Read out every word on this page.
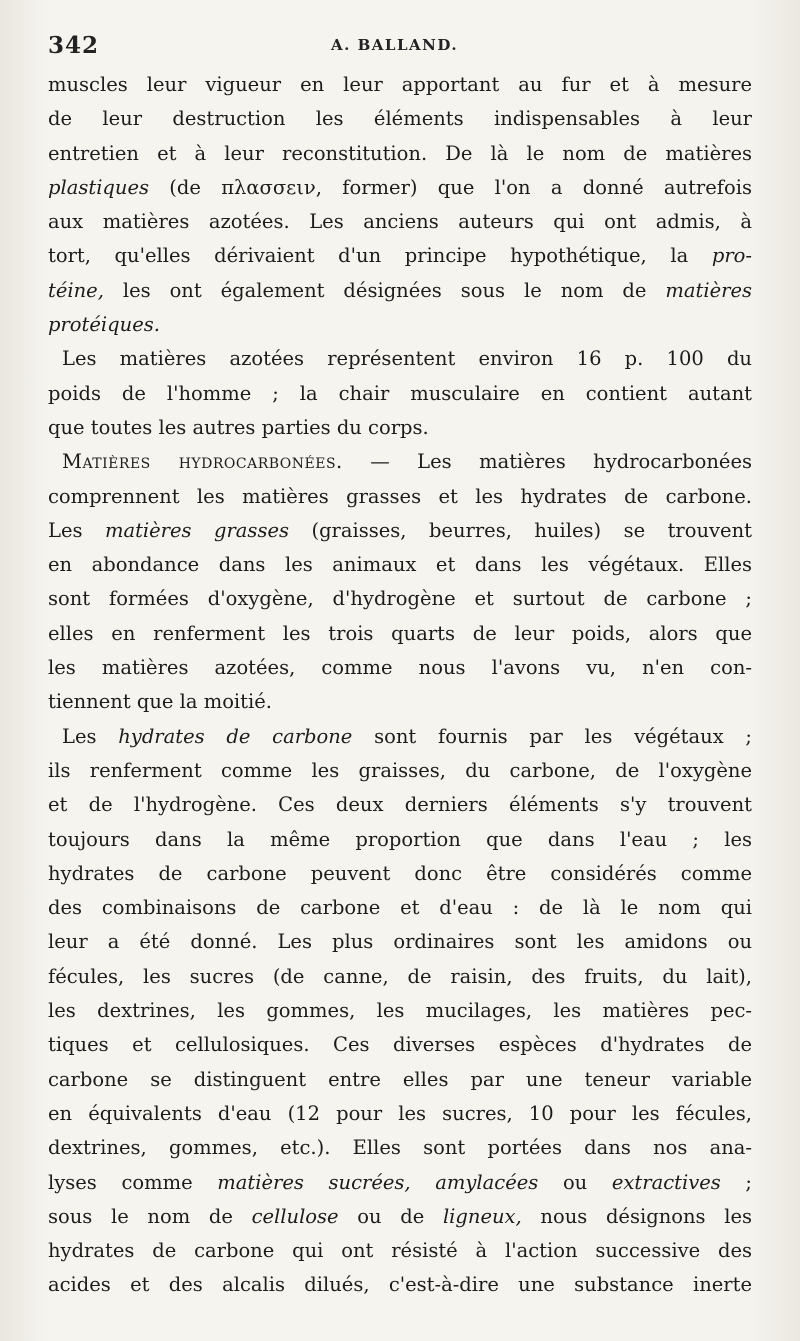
342	A. BALLAND.
muscles leur vigueur en leur apportant au fur et à mesure
de leur destruction les éléments indispensables à leur
entretien et à leur reconstitution. De là le nom de matières
plastiques (de πλασσειν, former) que l'on a donné autrefois
aux matières azotées. Les anciens auteurs qui ont admis, à
tort, qu'elles dérivaient d'un principe hypothétique, la pro-
téine, les ont également désignées sous le nom de matières
protéiques.
Les matières azotées représentent environ 16 p. 100 du
poids de l'homme ; la chair musculaire en contient autant
que toutes les autres parties du corps.
Matières hydrocarbonées. — Les matières hydrocarbonées
comprennent les matières grasses et les hydrates de carbone.
Les matières grasses (graisses, beurres, huiles) se trouvent
en abondance dans les animaux et dans les végétaux. Elles
sont formées d'oxygène, d'hydrogène et surtout de carbone ;
elles en renferment les trois quarts de leur poids, alors que
les matières azotées, comme nous l'avons vu, n'en con-
tiennent que la moitié.
Les hydrates de carbone sont fournis par les végétaux ;
ils renferment comme les graisses, du carbone, de l'oxygène
et de l'hydrogène. Ces deux derniers éléments s'y trouvent
toujours dans la même proportion que dans l'eau ; les
hydrates de carbone peuvent donc être considérés comme
des combinaisons de carbone et d'eau : de là le nom qui
leur a été donné. Les plus ordinaires sont les amidons ou
fécules, les sucres (de canne, de raisin, des fruits, du lait),
les dextrines, les gommes, les mucilages, les matières pec-
tiques et cellulosiques. Ces diverses espèces d'hydrates de
carbone se distinguent entre elles par une teneur variable
en équivalents d'eau (12 pour les sucres, 10 pour les fécules,
dextrines, gommes, etc.). Elles sont portées dans nos ana-
lyses comme matières sucrées, amylacées ou extractives ;
sous le nom de cellulose ou de ligneux, nous désignons les
hydrates de carbone qui ont résisté à l'action successive des
acides et des alcalis dilués, c'est-à-dire une substance inerte
